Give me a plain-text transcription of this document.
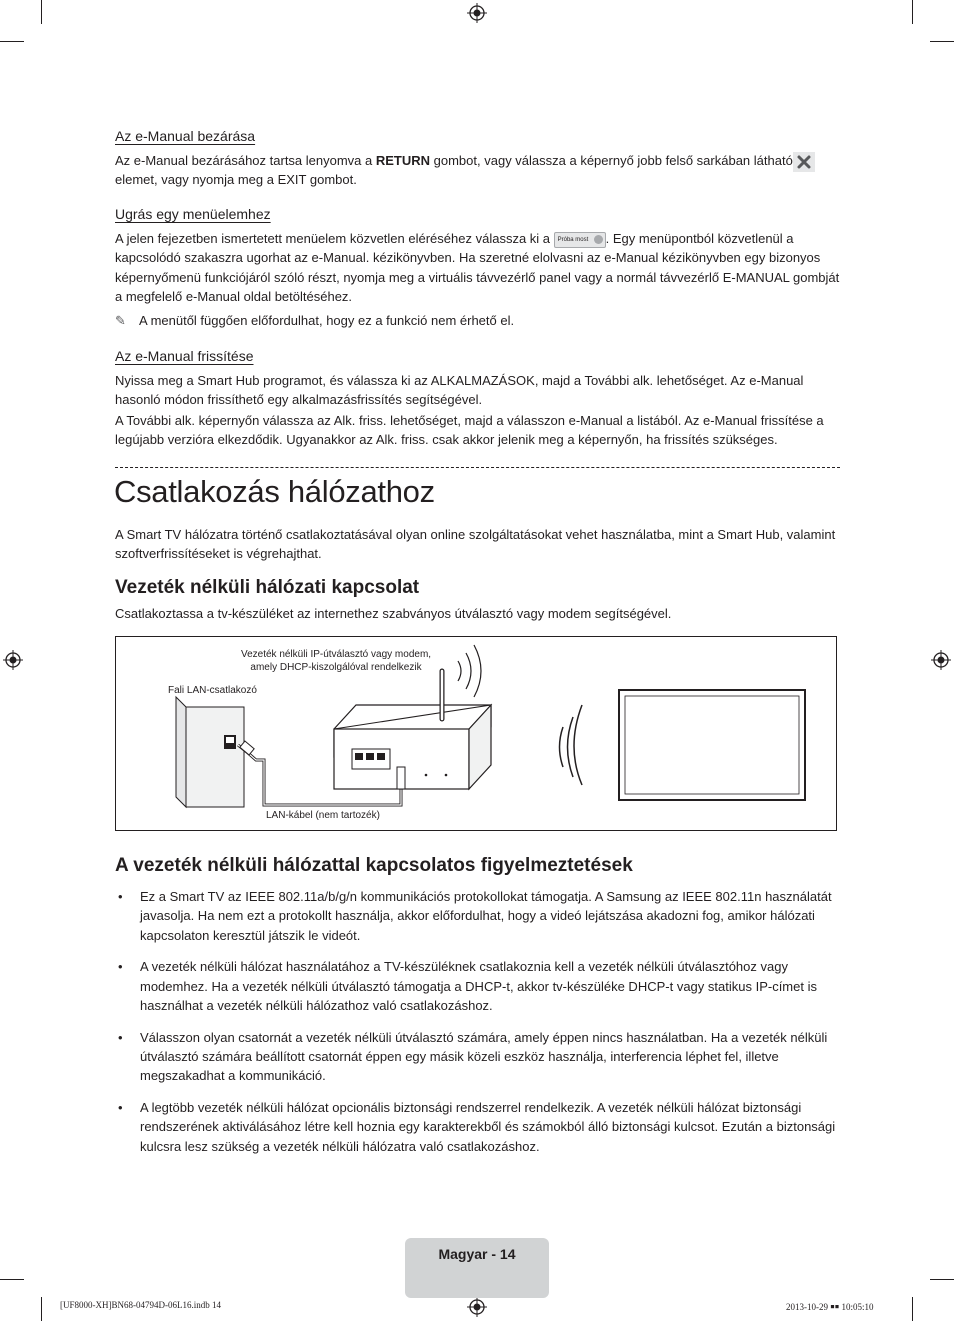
Az e-Manual bezárása

Az e-Manual bezárásához tartsa lenyomva a RETURN gombot, vagy válassza a képernyő jobb felső sarkában látható

elemet, vagy nyomja meg a EXIT gombot.

Ugrás egy menüelemhez

A jelen fejezetben ismertetett menüelem közvetlen eléréséhez válassza ki a Próba most . Egy menüpontból közvetlenül a kapcsolódó szakaszra ugorhat az e-Manual. kézikönyvben. Ha szeretné elolvasni az e-Manual kézikönyvben egy bizonyos képernyőmenü funkciójáról szóló részt, nyomja meg a virtuális távvezérlő panel vagy a normál távvezérlő E-MANUAL gombját a megfelelő e-Manual oldal betöltéséhez.

✎ A menütől függően előfordulhat, hogy ez a funkció nem érhető el.
Az e-Manual frissítése

Nyissa meg a Smart Hub programot, és válassza ki az ALKALMAZÁSOK, majd a További alk. lehetőséget. Az e-Manual hasonló módon frissíthető egy alkalmazásfrissítés segítségével.

A További alk. képernyőn válassza az Alk. friss. lehetőséget, majd a válasszon e-Manual a listából. Az e-Manual frissítése a legújabb verzióra elkezdődik. Ugyanakkor az Alk. friss. csak akkor jelenik meg a képernyőn, ha frissítés szükséges.

Csatlakozás hálózathoz

A Smart TV hálózatra történő csatlakoztatásával olyan online szolgáltatásokat vehet használatba, mint a Smart Hub, valamint szoftverfrissítéseket is végrehajthat.

Vezeték nélküli hálózati kapcsolat

Csatlakoztassa a tv-készüléket az internethez szabványos útválasztó vagy modem segítségével.

Vezeték nélküli IP-útválasztó vagy modem,
amely DHCP-kiszolgálóval rendelkezik
Fali LAN-csatlakozó
LAN-kábel (nem tartozék)
A vezeték nélküli hálózattal kapcsolatos figyelmeztetések
• Ez a Smart TV az IEEE 802.11a/b/g/n kommunikációs protokollokat támogatja. A Samsung az IEEE 802.11n használatát javasolja. Ha nem ezt a protokollt használja, akkor előfordulhat, hogy a videó lejátszása akadozni fog, amikor hálózati kapcsolaton keresztül játszik le videót.
• A vezeték nélküli hálózat használatához a TV-készüléknek csatlakoznia kell a vezeték nélküli útválasztóhoz vagy modemhez. Ha a vezeték nélküli útválasztó támogatja a DHCP-t, akkor tv-készüléke DHCP-t vagy statikus IP-címet is használhat a vezeték nélküli hálózathoz való csatlakozáshoz.
• Válasszon olyan csatornát a vezeték nélküli útválasztó számára, amely éppen nincs használatban. Ha a vezeték nélküli útválasztó számára beállított csatornát éppen egy másik közeli eszköz használja, interferencia léphet fel, illetve megszakadhat a kommunikáció.
• A legtöbb vezeték nélküli hálózat opcionális biztonsági rendszerrel rendelkezik. A vezeték nélküli hálózat biztonsági rendszerének aktiválásához létre kell hoznia egy karakterekből és számokból álló biztonsági kulcsot. Ezután a biztonsági kulcsra lesz szükség a vezeték nélküli hálózatra való csatlakozáshoz.
Magyar - 14
[UF8000-XH]BN68-04794D-06L16.indb 14	2013-10-29 ￭￭ 10:05:10
